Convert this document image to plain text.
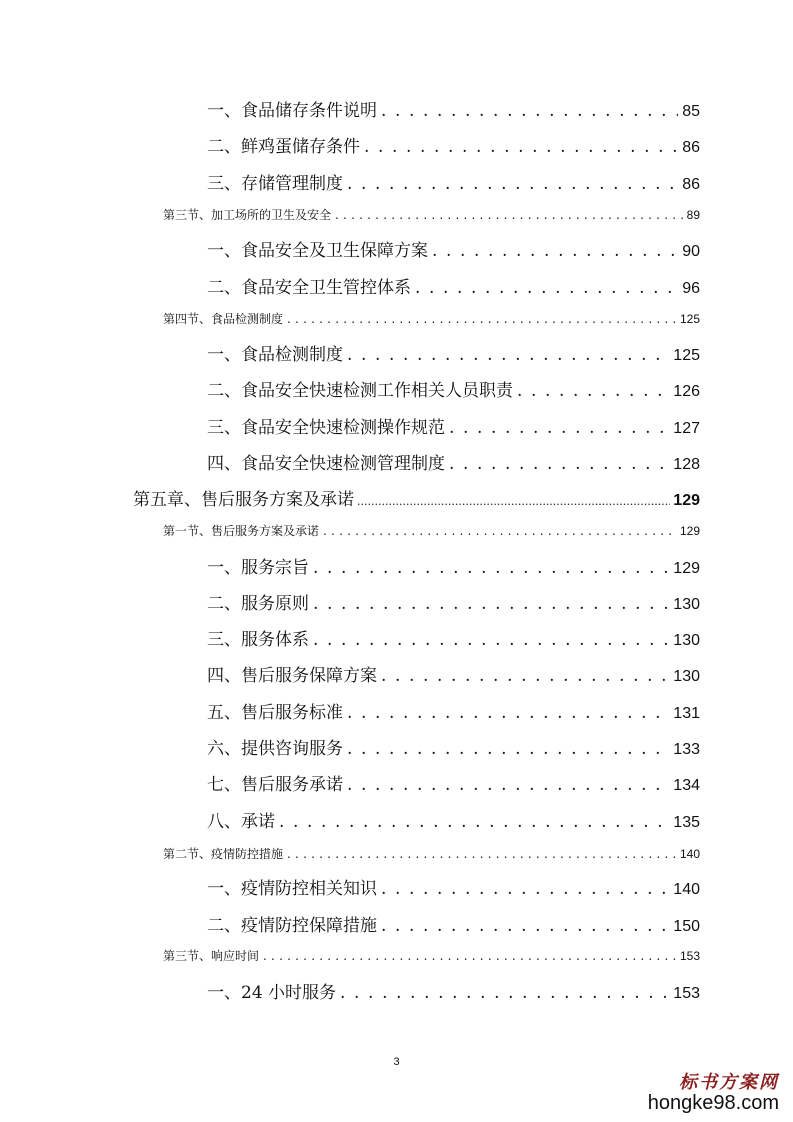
一、食品储存条件说明 . . .	85
二、鲜鸡蛋储存条件 . . .	86
三、存储管理制度 . . .	86
第三节、加工场所的卫生及安全 . . .	89
一、食品安全及卫生保障方案 . . .	90
二、食品安全卫生管控体系 . . .	96
第四节、食品检测制度 . . .	125
一、食品检测制度 . . .	125
二、食品安全快速检测工作相关人员职责 . . .	126
三、食品安全快速检测操作规范 . . .	127
四、食品安全快速检测管理制度 . . .	128
第五章、售后服务方案及承诺 .....	129
第一节、售后服务方案及承诺 . . .	129
一、服务宗旨 . . .	129
二、服务原则 . . .	130
三、服务体系 . . .	130
四、售后服务保障方案 . . .	130
五、售后服务标准 . . .	131
六、提供咨询服务 . . .	133
七、售后服务承诺 . . .	134
八、承诺 . . .	135
第二节、疫情防控措施 . . .	140
一、疫情防控相关知识 . . .	140
二、疫情防控保障措施 . . .	150
第三节、响应时间 . . .	153
一、24 小时服务 . . .	153
3
标书方案网
hongke98.com
